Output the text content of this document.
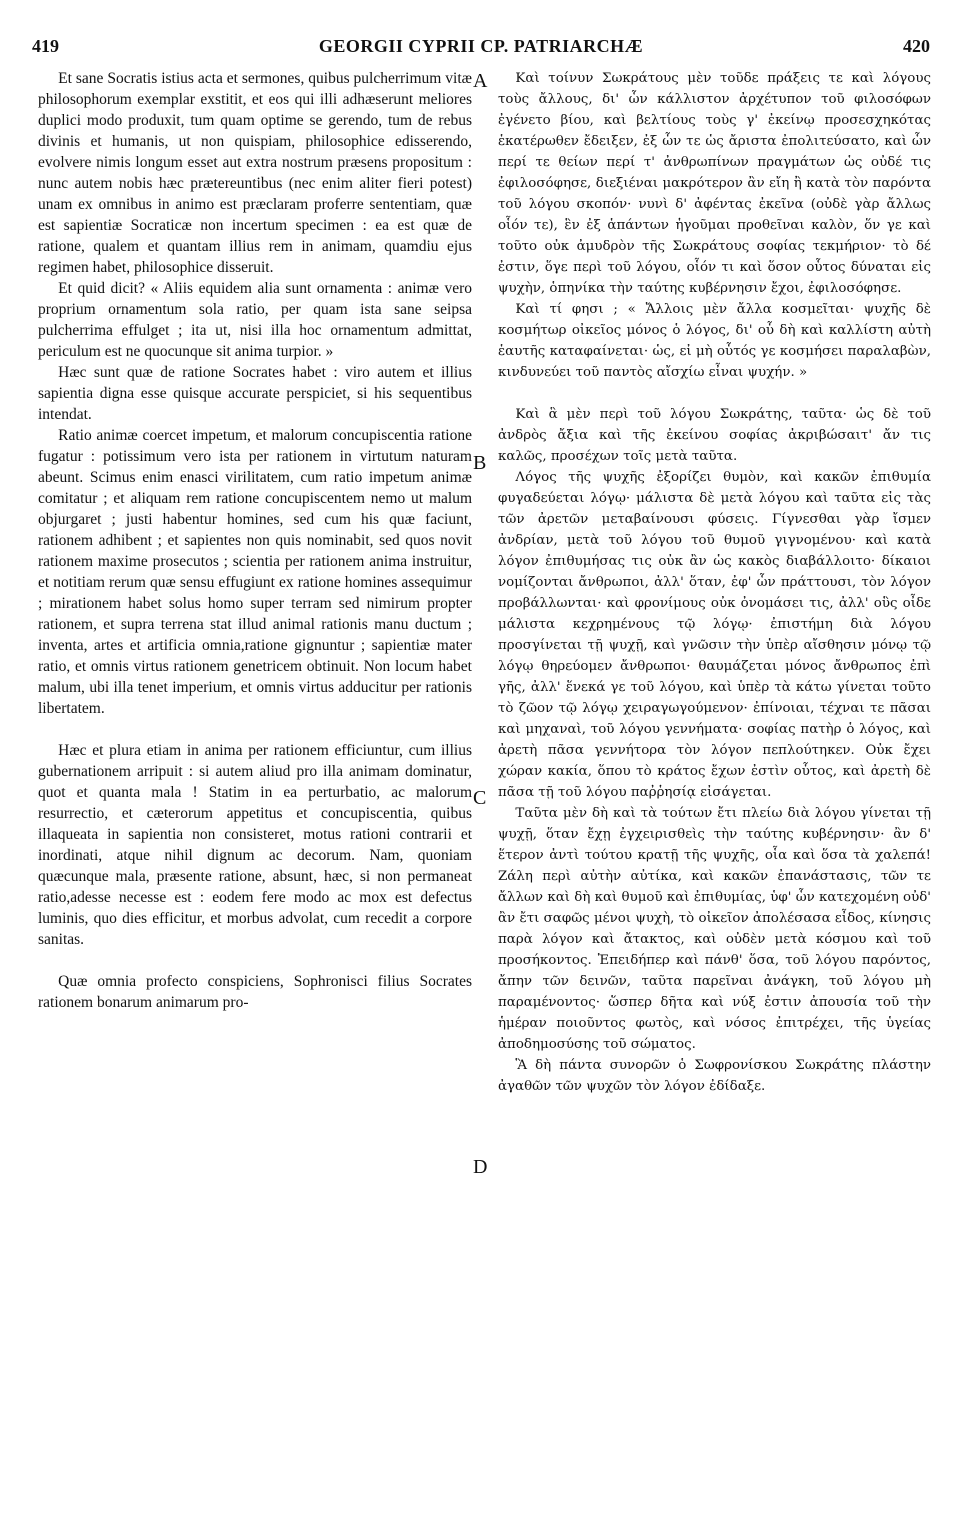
419	GEORGII CYPRII CP. PATRIARCHÆ	420

Et sane Socratis istius acta et sermones, quibus pulcherrimum vitæ philosophorum exemplar exstitit, et eos qui illi adhæserunt meliores duplici modo produxit, tum quam optime se gerendo, tum de rebus divinis et humanis, ut non quispiam, philosophice edisserendo, evolvere nimis longum esset aut extra nostrum præsens propositum : nunc autem nobis hæc prætereuntibus (nec enim aliter fieri potest) unam ex omnibus in animo est præclaram proferre sententiam, quæ est sapientiæ Socraticæ non incertum specimen : ea est quæ de ratione, qualem et quantam illius rem in animam, quamdiu ejus regimen habet, philosophice disseruit.

Et quid dicit? « Aliis equidem alia sunt ornamenta : animæ vero proprium ornamentum sola ratio, per quam ista sane seipsa pulcherrima effulget ; ita ut, nisi illa hoc ornamentum admittat, periculum est ne quocunque sit anima turpior. »

Hæc sunt quæ de ratione Socrates habet : viro autem et illius sapientia digna esse quisque accurate perspiciet, si his sequentibus intendat.

Ratio animæ coercet impetum, et malorum concupiscentia ratione fugatur : potissimum vero ista per rationem in virtutum naturam abeunt. Scimus enim enasci virilitatem, cum ratio impetum animæ comitatur ; et aliquam rem ratione concupiscentem nemo ut malum objurgaret ; justi habentur homines, sed cum his quæ faciunt, rationem adhibent ; et sapientes non quis nominabit, sed quos novit rationem maxime prosecutos ; scientia per rationem anima instruitur, et notitiam rerum quæ sensu effugiunt ex ratione homines assequimur ; mirationem habet solus homo super terram sed nimirum propter rationem, et supra terrena stat illud animal rationis manu ductum ; inventa, artes et artificia omnia,ratione gignuntur ; sapientiæ mater ratio, et omnis virtus rationem genetricem obtinuit. Non locum habet malum, ubi illa tenet imperium, et omnis virtus adducitur per rationis libertatem.

Hæc et plura etiam in anima per rationem efficiuntur, cum illius gubernationem arripuit : si autem aliud pro illa animam dominatur, quot et quanta mala ! Statim in ea perturbatio, ac malorum resurrectio, et cæterorum appetitus et concupiscentia, quibus illaqueata in sapientia non consisteret, motus rationi contrarii et inordinati, atque nihil dignum ac decorum. Nam, quoniam quæcunque mala, præsente ratione, absunt, hæc, si non permaneat ratio,adesse necesse est : eodem fere modo ac mox est defectus luminis, quo dies efficitur, et morbus advolat, cum recedit a corpore sanitas.

Quæ omnia profecto conspiciens, Sophronisci filius Socrates rationem bonarum animarum pro-

A
B
C
D

Καὶ τοίνυν Σωκράτους μὲν τοῦδε πράξεις τε καὶ λόγους τοὺς ἄλλους, δι' ὧν κάλλιστον ἀρχέτυπον τοῦ φιλοσόφων ἐγένετο βίου, καὶ βελτίους τοὺς γ' ἐκείνῳ προσεσχηκότας ἑκατέρωθεν ἔδειξεν, ἐξ ὧν τε ὡς ἄριστα ἐπολιτεύσατο, καὶ ὧν περί τε θείων περί τ' ἀνθρωπίνων πραγμάτων ὡς οὐδέ τις ἐφιλοσόφησε, διεξιέναι μακρότερον ἂν εἴη ἢ κατὰ τὸν παρόντα τοῦ λόγου σκοπόν· νυνὶ δ' ἀφέντας ἐκεῖνα (οὐδὲ γὰρ ἄλλως οἷόν τε), ἓν ἐξ ἁπάντων ἡγοῦμαι προθεῖναι καλὸν, ὅν γε καὶ τοῦτο οὐκ ἀμυδρὸν τῆς Σωκράτους σοφίας τεκμήριον· τὸ δέ ἐστιν, ὅγε περὶ τοῦ λόγου, οἷόν τι καὶ ὅσον οὗτος δύναται εἰς ψυχὴν, ὁπηνίκα τὴν ταύτης κυβέρνησιν ἔχοι, ἐφιλοσόφησε.

Καὶ τί φησι ; « Ἄλλοις μὲν ἄλλα κοσμεῖται· ψυχῆς δὲ κοσμήτωρ οἰκεῖος μόνος ὁ λόγος, δι' οὗ δὴ καὶ καλλίστη αὐτὴ ἑαυτῆς καταφαίνεται· ὡς, εἰ μὴ οὗτός γε κοσμήσει παραλαβὼν, κινδυνεύει τοῦ παντὸς αἴσχίω εἶναι ψυχήν. »

Καὶ ἃ μὲν περὶ τοῦ λόγου Σωκράτης, ταῦτα· ὡς δὲ τοῦ ἀνδρὸς ἄξια καὶ τῆς ἐκείνου σοφίας ἀκριβώσαιτ' ἄν τις καλῶς, προσέχων τοῖς μετὰ ταῦτα.

Λόγος τῆς ψυχῆς ἐξορίζει θυμὸν, καὶ κακῶν ἐπιθυμία φυγαδεύεται λόγῳ· μάλιστα δὲ μετὰ λόγου καὶ ταῦτα εἰς τὰς τῶν ἀρετῶν μεταβαίνουσι φύσεις. Γίγνεσθαι γὰρ ἴσμεν ἀνδρίαν, μετὰ τοῦ λόγου τοῦ θυμοῦ γιγνομένου· καὶ κατὰ λόγον ἐπιθυμήσας τις οὐκ ἂν ὡς κακὸς διαβάλλοιτο· δίκαιοι νομίζονται ἄνθρωποι, ἀλλ' ὅταν, ἐφ' ὧν πράττουσι, τὸν λόγον προβάλλωνται· καὶ φρονίμους οὐκ ὀνομάσει τις, ἀλλ' οὓς οἶδε μάλιστα κεχρημένους τῷ λόγῳ· ἐπιστήμη διὰ λόγου προσγίνεται τῇ ψυχῇ, καὶ γνῶσιν τὴν ὑπὲρ αἴσθησιν μόνῳ τῷ λόγῳ θηρεύομεν ἄνθρωποι· θαυμάζεται μόνος ἄνθρωπος ἐπὶ γῆς, ἀλλ' ἕνεκά γε τοῦ λόγου, καὶ ὑπὲρ τὰ κάτω γίνεται τοῦτο τὸ ζῶον τῷ λόγῳ χειραγωγούμενον· ἐπίνοιαι, τέχναι τε πᾶσαι καὶ μηχαναὶ, τοῦ λόγου γεννήματα· σοφίας πατὴρ ὁ λόγος, καὶ ἀρετὴ πᾶσα γεννήτορα τὸν λόγον πεπλούτηκεν. Οὐκ ἔχει χώραν κακία, ὅπου τὸ κράτος ἔχων ἐστὶν οὗτος, καὶ ἀρετὴ δὲ πᾶσα τῇ τοῦ λόγου παῤῥησίᾳ εἰσάγεται.

Ταῦτα μὲν δὴ καὶ τὰ τούτων ἔτι πλείω διὰ λόγου γίνεται τῇ ψυχῇ, ὅταν ἔχῃ ἐγχειρισθεὶς τὴν ταύτης κυβέρνησιν· ἂν δ' ἕτερον ἀντὶ τούτου κρατῇ τῆς ψυχῆς, οἷα καὶ ὅσα τὰ χαλεπά! Ζάλη περὶ αὐτὴν αὐτίκα, καὶ κακῶν ἐπανάστασις, τῶν τε ἄλλων καὶ δὴ καὶ θυμοῦ καὶ ἐπιθυμίας, ὑφ' ὧν κατεχομένη οὐδ' ἂν ἔτι σαφῶς μένοι ψυχὴ, τὸ οἰκεῖον ἀπολέσασα εἶδος, κίνησις παρὰ λόγον καὶ ἄτακτος, καὶ οὐδὲν μετὰ κόσμου καὶ τοῦ προσήκοντος. Ἐπειδήπερ καὶ πάνθ' ὅσα, τοῦ λόγου παρόντος, ἄπην τῶν δεινῶν, ταῦτα παρεῖναι ἀνάγκη, τοῦ λόγου μὴ παραμένοντος· ὥσπερ δῆτα καὶ νύξ ἐστιν ἀπουσία τοῦ τὴν ἡμέραν ποιοῦντος φωτὸς, καὶ νόσος ἐπιτρέχει, τῆς ὑγείας ἀποδημοσύσης τοῦ σώματος.

Ἃ δὴ πάντα συνορῶν ὁ Σωφρονίσκου Σωκράτης πλάστην ἀγαθῶν τῶν ψυχῶν τὸν λόγον ἐδίδαξε.
